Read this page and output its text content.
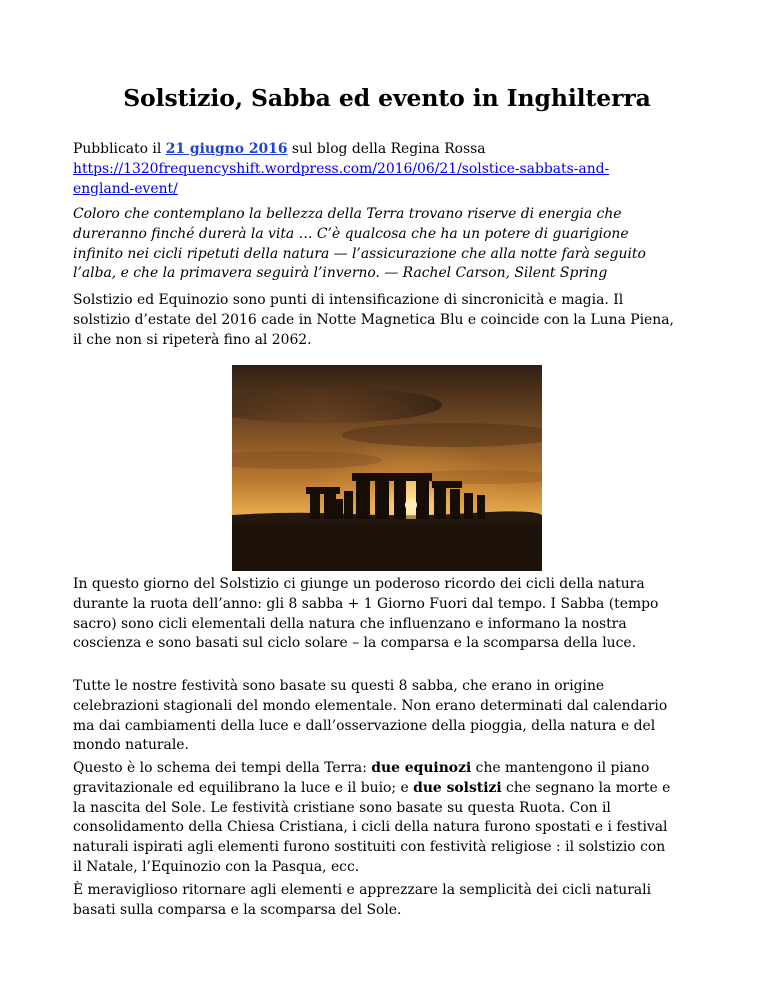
Solstizio, Sabba ed evento in Inghilterra
Pubblicato il 21 giugno 2016 sul blog della Regina Rossa
https://1320frequencyshift.wordpress.com/2016/06/21/solstice-sabbats-and-
england-event/
Coloro che contemplano la bellezza della Terra trovano riserve di energia che
dureranno finché durerà la vita … C’è qualcosa che ha un potere di guarigione
infinito nei cicli ripetuti della natura — l’assicurazione che alla notte farà seguito
l’alba, e che la primavera seguirà l’inverno. — Rachel Carson, Silent Spring
Solstizio ed Equinozio sono punti di intensificazione di sincronicità e magia. Il
solstizio d’estate del 2016 cade in Notte Magnetica Blu e coincide con la Luna Piena,
il che non si ripeterà fino al 2062.
In questo giorno del Solstizio ci giunge un poderoso ricordo dei cicli della natura
durante la ruota dell’anno: gli 8 sabba + 1 Giorno Fuori dal tempo. I Sabba (tempo
sacro) sono cicli elementali della natura che influenzano e informano la nostra
coscienza e sono basati sul ciclo solare – la comparsa e la scomparsa della luce.
Tutte le nostre festività sono basate su questi 8 sabba, che erano in origine
celebrazioni stagionali del mondo elementale. Non erano determinati dal calendario
ma dai cambiamenti della luce e dall’osservazione della pioggia, della natura e del
mondo naturale.
Questo è lo schema dei tempi della Terra: due equinozi che mantengono il piano
gravitazionale ed equilibrano la luce e il buio; e due solstizi che segnano la morte e
la nascita del Sole. Le festività cristiane sono basate su questa Ruota. Con il
consolidamento della Chiesa Cristiana, i cicli della natura furono spostati e i festival
naturali ispirati agli elementi furono sostituiti con festività religiose : il solstizio con
il Natale, l’Equinozio con la Pasqua, ecc.
È meraviglioso ritornare agli elementi e apprezzare la semplicità dei cicli naturali
basati sulla comparsa e la scomparsa del Sole.
